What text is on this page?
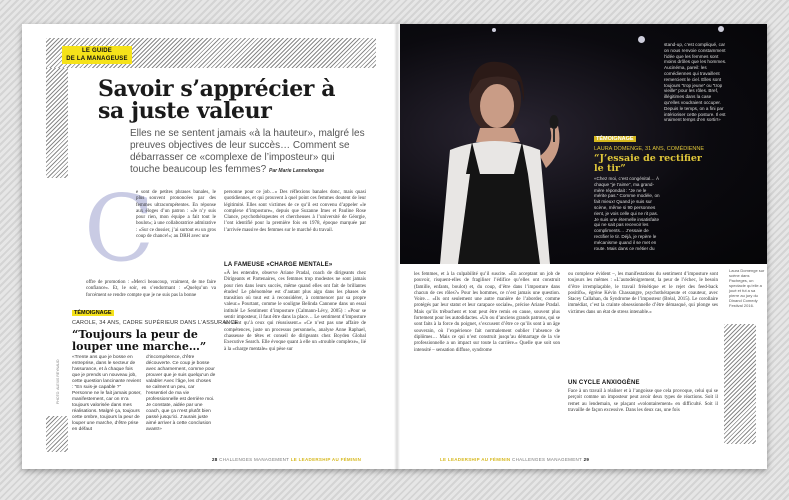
LE GUIDE
DE LA MANAGEUSE
Savoir s’apprécier à sa juste valeur
Elles ne se sentent jamais «à la hauteur», malgré les preuves objectives de leur succès… Comment se débarrasser ce «complexe de l’imposteur» qui touche beaucoup les femmes? Par Marie Lannelongue
C
e sont de petites phrases banales, le plus souvent prononcées par des femmes ultracompétentes. En réponse aux éloges d’un patron : «Je n’y suis pour rien, mon équipe a fait tout le boulot»; à une collaboratrice admirative : «Sur ce dossier, j’ai surtout eu un gros coup de chance!»; au DRH avec une
offre de promotion : «Merci beaucoup, vraiment, de me faire confiance». Et, le soir, en s’endormant : «Quelqu’un va forcément se rendre compte que je ne suis pas la bonne
personne pour ce job…» Des réflexions banales donc, mais quasi quotidiennes, et qui prouvent à quel point ces femmes doutent de leur légitimité. Elles sont victimes de ce qu’il est convenu d’appeler «le complexe d’imposture», depuis que Suzanne Imes et Pauline Rose Clance, psychothérapeutes et chercheuses à l’université de Géorgie, l’ont identifié pour la première fois en 1978, époque marquée par l’arrivée massive des femmes sur le marché du travail.
LA FAMEUSE «CHARGE MENTALE»
«À les entendre, observe Ariane Pradal, coach de dirigeants chez Dirigeants et Partenaires, ces femmes trop modestes ne sont jamais pour rien dans leurs succès, même quand elles ont fait de brillantes études! Le phénomène est d’autant plus aigu dans les phases de transition où tout est à reconsidérer, à commencer par sa propre valeur.» Pourtant, comme le souligne Belinda Cannone dans un essai intitulé Le Sentiment d’imposture (Calmann-Lévy, 2005) : «Pour se sentir imposteur, il faut être dans la place… Le sentiment d’imposture ne vient qu’à ceux qui réussissent.» «Ce n’est pas une affaire de compétences, juste un processus personnel», analyse Anne Raphael, chasseuse de têtes et conseil de dirigeants chez Boyden Global Executive Search. Elle évoque quant à elle un «trouble complexe», lié à la «charge mentale» qui pèse sur
TÉMOIGNAGE
CAROLE, 34 ANS, CADRE SUPÉRIEUR DANS L’ASSURANCE
“Toujours la peur de louper une marche…”
«Trente ans que je bosse en entreprise, dans le secteur de l’assurance, et à chaque fois que je prends un nouveau job, cette question lancinante revient : “En suis-je capable ?” Personne ne le fait jamais poser, manifestement, car on m’a toujours valorisée dans mes réalisations. Malgré ça, toujours cette ombre, toujours la peur de louper une marche, d’être prise en défaut
d’incompétence, d’être découverte. Ce coup je bosse avec acharnement, comme pour prouver que je suis quelqu’un de valable! Avec l’âge, les choses se calment un peu, car l’essentiel de ma vie professionnelle est derrière moi. Je constate, aidée par une coach, que ça n’est plutôt bien passé jusqu’ici. J’aurais juste aimé arriver à cette conclusion avant!»
PHOTO: ALEXIS REYNAUD
28 CHALLENGES MANAGEMENT LE LEADERSHIP AU FÉMININ
TÉMOIGNAGE
LAURA DOMENGE, 31 ANS, COMÉDIENNE
“J’essaie de rectifier le tir”
«Chez moi, c’est congénital… À chaque “je t’aime”, ma grand-mère répondait : “Je ne le mérite pas.” Comme modèle, on fait mieux! Quand je suis sur scène, même si 90 personnes rient, je vois celle qui ne rit pas. Je suis une éternelle insatisfaite qui ne sait pas recevoir les compliments… J’essaie de rectifier le tir. Déjà, je repère le mécanisme quand il se met en route. Mais dans ce métier du
stand-up, c’est compliqué, car on nous renvoie constamment l’idée que les femmes sont moins drôles que les hommes. Aucinéma, pareil: les comédiennes qui travaillent remercient le ciel. Elles sont toujours “trop jeune” ou “trop vieille” pour les rôles. Bref, illégitimes dans la case qu’elles voudraient occuper. Depuis le temps, on a fini par intérioriser cette posture. Il est vraiment temps d’en sortir!»
Laura Domenge sur scène dans Pacheges, un spectacle qu’elle a joué et fut a sa pierre au jury du Dinand Comedy Festival 2016.
les femmes, et à la culpabilité qu’il suscite. «En acceptant un job de pouvoir, risquent-elles de fragiliser l’édifice qu’elles ont construit (famille, enfants, boulot) et, du coup, d’être dans l’imposture dans chacun de ces rôles?» Pour les hommes, ce n’est jamais une question. Voire… «Ils ont seulement une autre manière de l’aborder, comme protégés par leur statut et leur carapace sociale», précise Ariane Pradal. Mais qu’ils trébuchent et tout peut être remis en cause, souvent plus fortement pour les autodidactes. «Un ou d’anciens grands patrons, qui se sont faits à la force du poignet, s’excusent d’être ce qu’ils sont à un âge souverain, où l’expérience fait normalement oublier l’absence de diplômes… Mais ce qui n’est construit jusqu’au démarrage de la vie professionnelle a un impact sur toute la carrière.» Quelle que soit son intensité – sensation diffuse, syndrome
ou complexe évident –, les manifestations du sentiment d’imposture sont toujours les mêmes : «L’autodénigrement, la peur de l’échec, le besoin d’être irremplaçable, le travail frénétique et le rejet des feed-back positifs», égrène Kévin Chassangre, psychothérapeute et coauteur, avec Stacey Callahan, du Syndrome de l’imposteur (Bréal, 2015). Le corollaire immédiat, c’est la crainte obsessionnelle d’être démasqué, qui plonge ses victimes dans un état de stress intenable.»
UN CYCLE ANXIOGÈNE
Face à un travail à réaliser et à l’angoisse que cela provoque, celui qui se perçoit comme un imposteur peut avoir deux types de réactions. Soit il remet au lendemain, se plaçant «volontairement» en difficulté. Soit il travaille de façon excessive. Dans les deux cas, une fois
LE LEADERSHIP AU FÉMININ CHALLENGES MANAGEMENT 29
